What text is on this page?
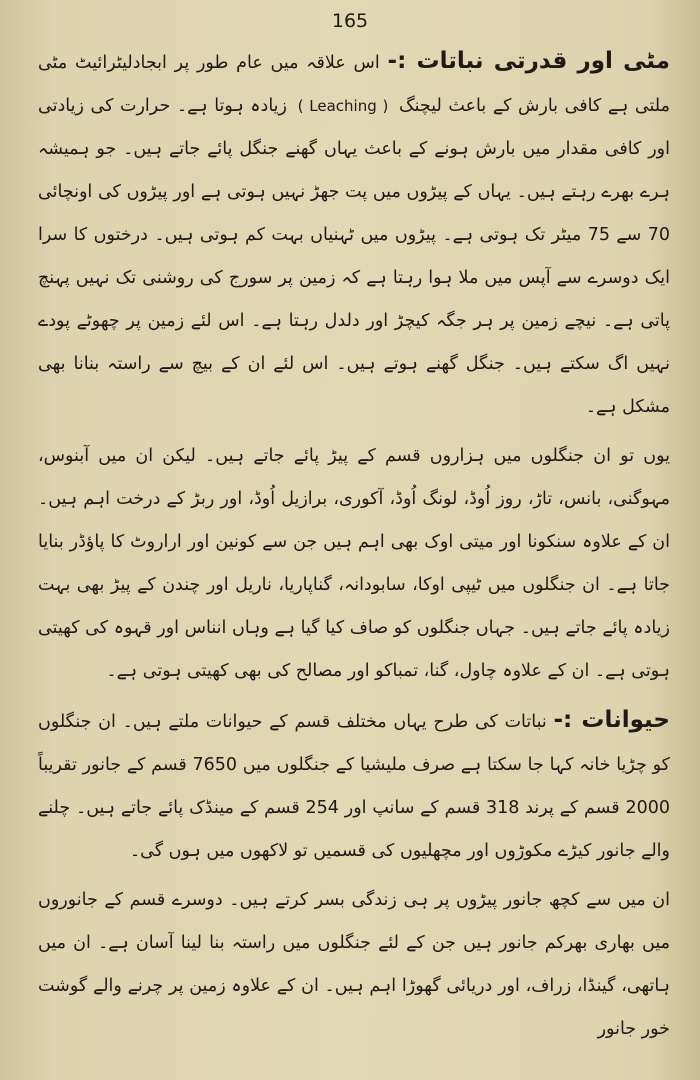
165

مٹی اور قدرتی نباتات :- اس علاقہ میں عام طور پر ابجادلیٹرائیٹ مٹی ملتی ہے کافی بارش کے باعث لیچنگ ( Leaching ) زیادہ ہوتا ہے۔ حرارت کی زیادتی اور کافی مقدار میں بارش ہونے کے باعث یہاں گھنے جنگل پائے جاتے ہیں۔ جو ہمیشہ ہرے بھرے رہتے ہیں۔ یہاں کے پیڑوں میں پت جھڑ نہیں ہوتی ہے اور پیڑوں کی اونچائی 70 سے 75 میٹر تک ہوتی ہے۔ پیڑوں میں ٹہنیاں بہت کم ہوتی ہیں۔ درختوں کا سرا ایک دوسرے سے آپس میں ملا ہوا رہتا ہے کہ زمین پر سورج کی روشنی تک نہیں پہنچ پاتی ہے۔ نیچے زمین پر ہر جگہ کیچڑ اور دلدل رہتا ہے۔ اس لئے زمین پر چھوٹے پودے نہیں اگ سکتے ہیں۔ جنگل گھنے ہوتے ہیں۔ اس لئے ان کے بیچ سے راستہ بنانا بھی مشکل ہے۔

یوں تو ان جنگلوں میں ہزاروں قسم کے پیڑ پائے جاتے ہیں۔ لیکن ان میں آبنوس، مہوگنی، بانس، تاڑ، روز اُوڈ، لونگ اُوڈ، آکوری، برازیل اُوڈ، اور ربڑ کے درخت اہم ہیں۔ ان کے علاوہ سنکونا اور میتی اوک بھی اہم ہیں جن سے کونین اور اراروٹ کا پاؤڈر بنایا جاتا ہے۔ ان جنگلوں میں ٹیپی اوکا، سابودانہ، گناپاریا، ناریل اور چندن کے پیڑ بھی بہت زیادہ پائے جاتے ہیں۔ جہاں جنگلوں کو صاف کیا گیا ہے وہاں انناس اور قہوہ کی کھیتی ہوتی ہے۔ ان کے علاوہ چاول، گنا، تمباکو اور مصالح کی بھی کھیتی ہوتی ہے۔

حیوانات :- نباتات کی طرح یہاں مختلف قسم کے حیوانات ملتے ہیں۔ ان جنگلوں کو چڑیا خانہ کہا جا سکتا ہے صرف ملیشیا کے جنگلوں میں 7650 قسم کے جانور تقریباً 2000 قسم کے پرند 318 قسم کے سانپ اور 254 قسم کے مینڈک پائے جاتے ہیں۔ چلنے والے جانور کیڑے مکوڑوں اور مچھلیوں کی قسمیں تو لاکھوں میں ہوں گی۔

ان میں سے کچھ جانور پیڑوں پر ہی زندگی بسر کرتے ہیں۔ دوسرے قسم کے جانوروں میں بھاری بھرکم جانور ہیں جن کے لئے جنگلوں میں راستہ بنا لینا آسان ہے۔ ان میں ہاتھی، گینڈا، زراف، اور دریائی گھوڑا اہم ہیں۔ ان کے علاوہ زمین پر چرنے والے گوشت خور جانور
